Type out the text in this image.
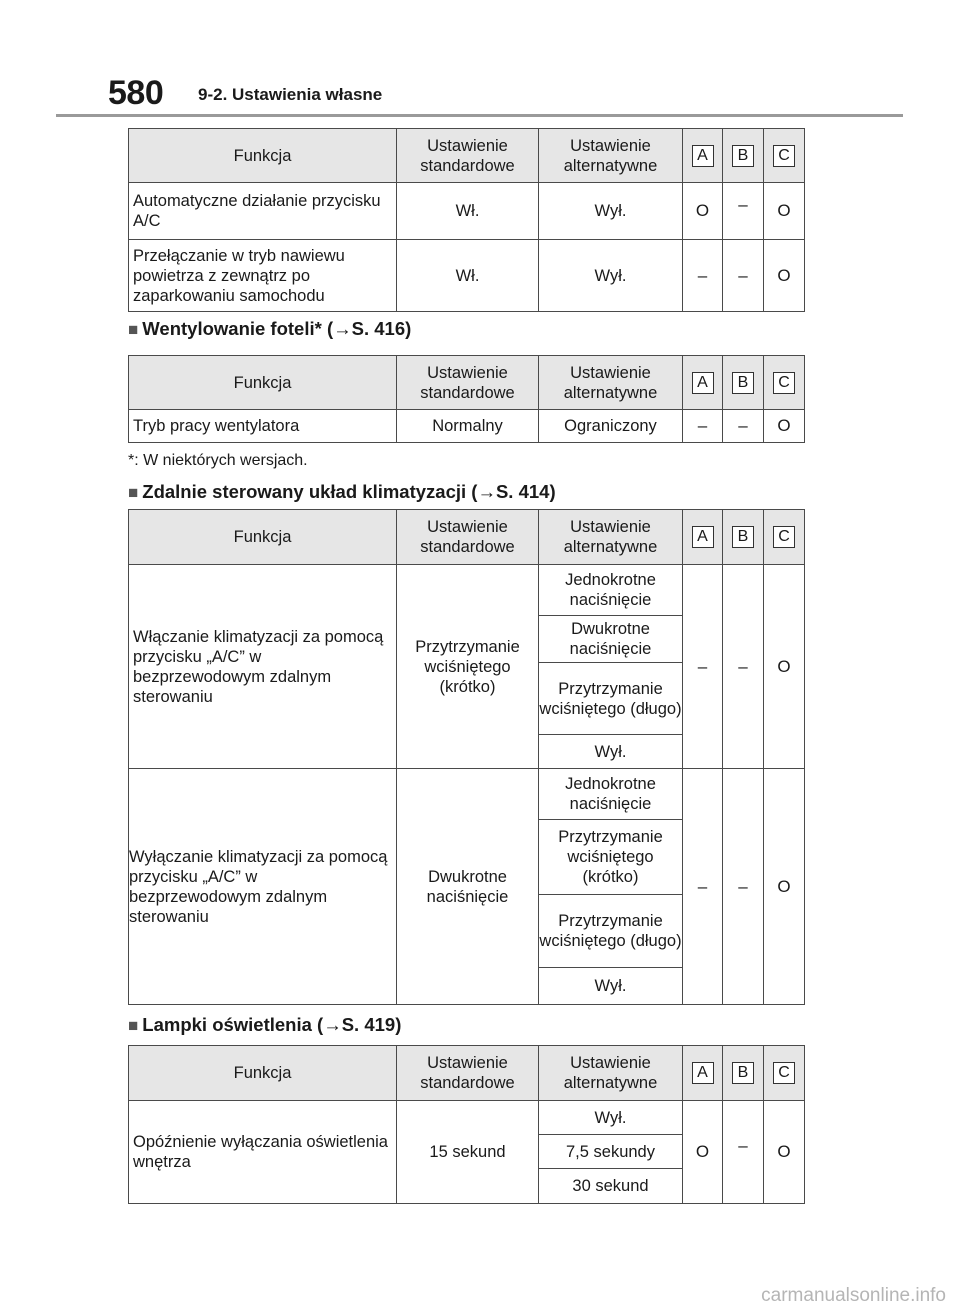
580 9-2. Ustawienia własne
Funkcja	Ustawienie standardowe	Ustawienie alternatywne	A	B	C
Automatyczne działanie przycisku A/C	Wł.	Wył.	O	–	O
Przełączanie w tryb nawiewu powietrza z zewnątrz po zaparkowaniu samochodu	Wł.	Wył.	–	–	O
■ Wentylowanie foteli* (→S. 416)
Funkcja	Ustawienie standardowe	Ustawienie alternatywne	A	B	C
Tryb pracy wentylatora	Normalny	Ograniczony	–	–	O
*: W niektórych wersjach.
■ Zdalnie sterowany układ klimatyzacji (→S. 414)
Funkcja	Ustawienie standardowe	Ustawienie alternatywne	A	B	C
Włączanie klimatyzacji za pomocą przycisku „A/C” w bezprzewodowym zdalnym sterowaniu	Przytrzymanie wciśniętego (krótko)	Jednokrotne naciśnięcie	–	–	O
		Dwukrotne naciśnięcie			
		Przytrzymanie wciśniętego (długo)			
		Wył.			
Wyłączanie klimatyzacji za pomocą przycisku „A/C” w bezprzewodowym zdalnym sterowaniu	Dwukrotne naciśnięcie	Jednokrotne naciśnięcie	–	–	O
		Przytrzymanie wciśniętego (krótko)			
		Przytrzymanie wciśniętego (długo)			
		Wył.			
■ Lampki oświetlenia (→S. 419)
Funkcja	Ustawienie standardowe	Ustawienie alternatywne	A	B	C
Opóźnienie wyłączania oświetlenia wnętrza	15 sekund	Wył.	O	–	O
		7,5 sekundy			
		30 sekund			
carmanualsonline.info
